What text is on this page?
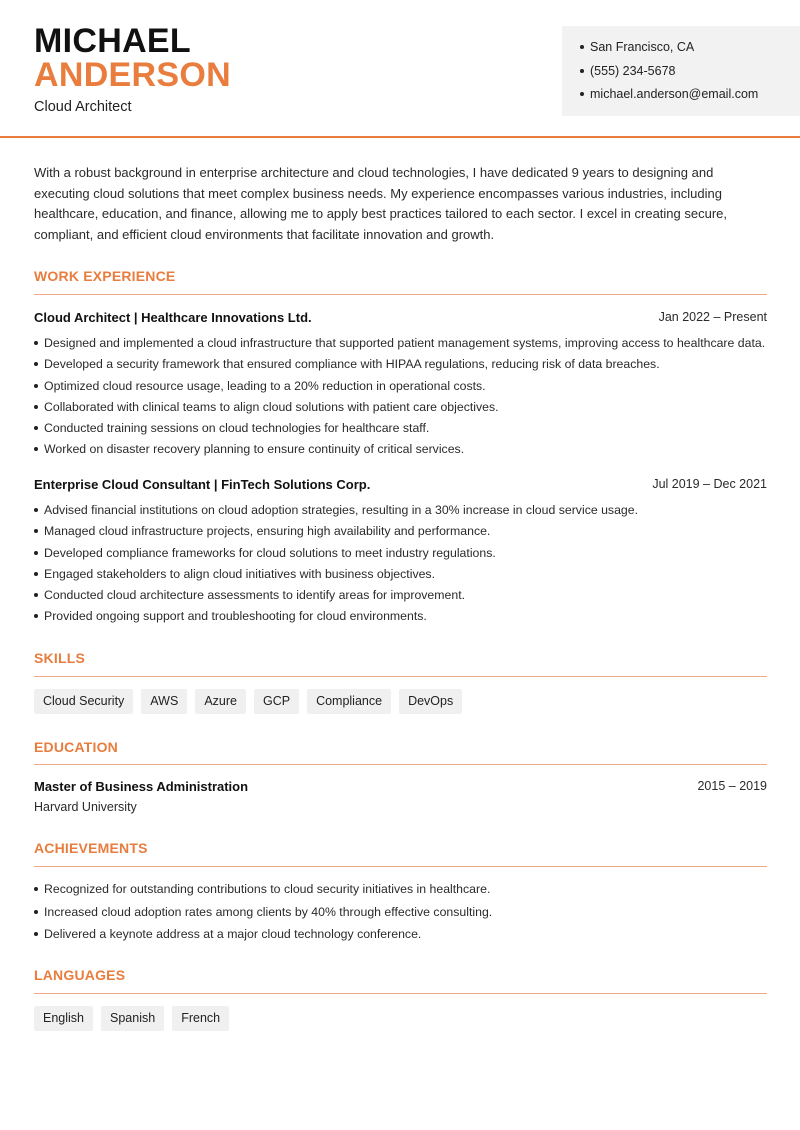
MICHAEL
ANDERSON
Cloud Architect
San Francisco, CA
(555) 234-5678
michael.anderson@email.com

With a robust background in enterprise architecture and cloud technologies, I have dedicated 9 years to designing and executing cloud solutions that meet complex business needs. My experience encompasses various industries, including healthcare, education, and finance, allowing me to apply best practices tailored to each sector. I excel in creating secure, compliant, and efficient cloud environments that facilitate innovation and growth.

WORK EXPERIENCE
Cloud Architect | Healthcare Innovations Ltd.	Jan 2022 – Present
Designed and implemented a cloud infrastructure that supported patient management systems, improving access to healthcare data.
Developed a security framework that ensured compliance with HIPAA regulations, reducing risk of data breaches.
Optimized cloud resource usage, leading to a 20% reduction in operational costs.
Collaborated with clinical teams to align cloud solutions with patient care objectives.
Conducted training sessions on cloud technologies for healthcare staff.
Worked on disaster recovery planning to ensure continuity of critical services.
Enterprise Cloud Consultant | FinTech Solutions Corp.	Jul 2019 – Dec 2021
Advised financial institutions on cloud adoption strategies, resulting in a 30% increase in cloud service usage.
Managed cloud infrastructure projects, ensuring high availability and performance.
Developed compliance frameworks for cloud solutions to meet industry regulations.
Engaged stakeholders to align cloud initiatives with business objectives.
Conducted cloud architecture assessments to identify areas for improvement.
Provided ongoing support and troubleshooting for cloud environments.
SKILLS
Cloud Security	AWS	Azure	GCP	Compliance	DevOps
EDUCATION
Master of Business Administration	2015 – 2019
Harvard University
ACHIEVEMENTS
Recognized for outstanding contributions to cloud security initiatives in healthcare.
Increased cloud adoption rates among clients by 40% through effective consulting.
Delivered a keynote address at a major cloud technology conference.
LANGUAGES
English	Spanish	French
